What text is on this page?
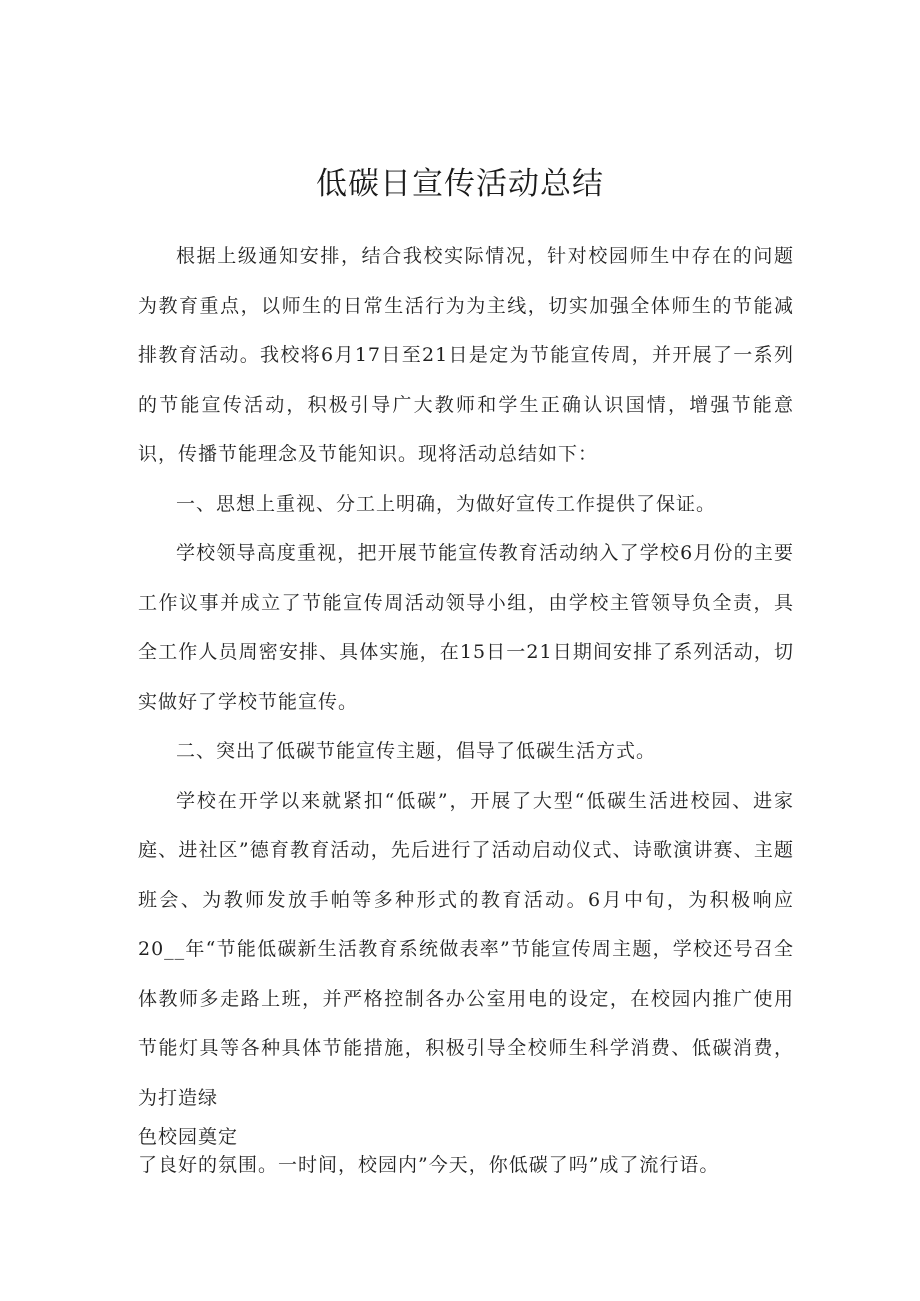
低碳日宣传活动总结

根据上级通知安排，结合我校实际情况，针对校园师生中存在的问题为教育重点，以师生的日常生活行为为主线，切实加强全体师生的节能减排教育活动。我校将6月17日至21日是定为节能宣传周，并开展了一系列的节能宣传活动，积极引导广大教师和学生正确认识国情，增强节能意识，传播节能理念及节能知识。现将活动总结如下：

一、思想上重视、分工上明确，为做好宣传工作提供了保证。

学校领导高度重视，把开展节能宣传教育活动纳入了学校6月份的主要工作议事并成立了节能宣传周活动领导小组，由学校主管领导负全责，具全工作人员周密安排、具体实施，在15日一21日期间安排了系列活动，切实做好了学校节能宣传。

二、突出了低碳节能宣传主题，倡导了低碳生活方式。

学校在开学以来就紧扣“低碳”，开展了大型“低碳生活进校园、进家庭、进社区”德育教育活动，先后进行了活动启动仪式、诗歌演讲赛、主题班会、为教师发放手帕等多种形式的教育活动。6月中旬，为积极响应20__年“节能低碳新生活教育系统做表率”节能宣传周主题，学校还号召全体教师多走路上班，并严格控制各办公室用电的设定，在校园内推广使用节能灯具等各种具体节能措施，积极引导全校师生科学消费、低碳消费，为打造绿

色校园奠定

了良好的氛围。一时间，校园内”今天，你低碳了吗”成了流行语。
